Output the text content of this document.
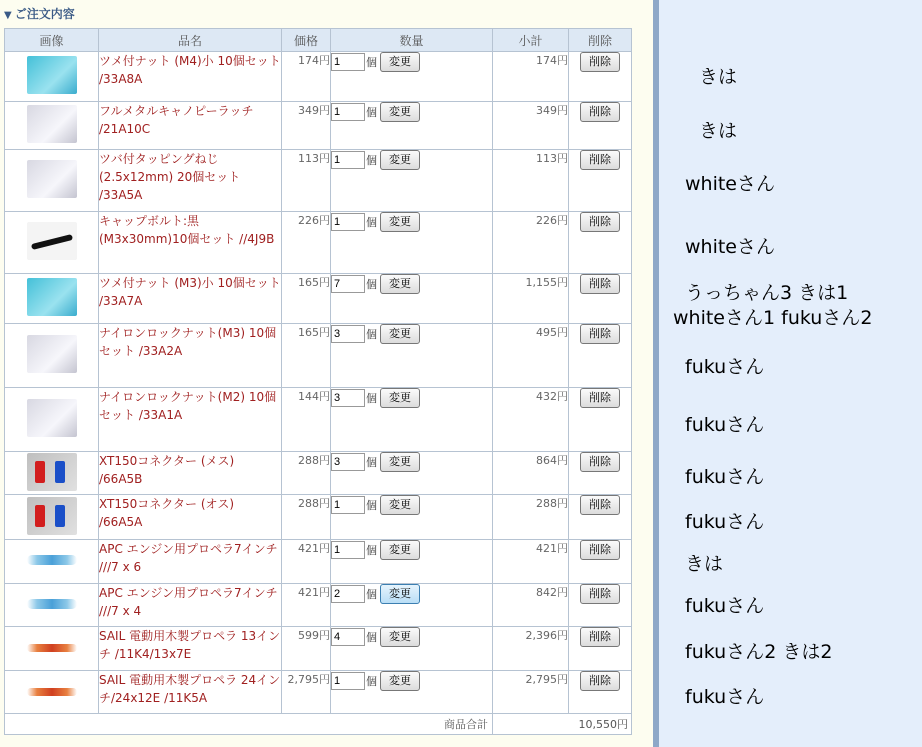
▼ ご注文内容
画像	品名	価格	数量	小計	削除
	ツメ付ナット (M4)小 10個セット /33A8A	174円	1個 変更	174円	削除
	フルメタルキャノピーラッチ /21A10C	349円	1個 変更	349円	削除
	ツバ付タッピングねじ (2.5x12mm) 20個セット /33A5A	113円	1個 変更	113円	削除
	キャップボルト:黒 (M3x30mm)10個セット //4J9B	226円	1個 変更	226円	削除
	ツメ付ナット (M3)小 10個セット /33A7A	165円	7個 変更	1,155円	削除
	ナイロンロックナット(M3) 10個セット /33A2A	165円	3個 変更	495円	削除
	ナイロンロックナット(M2) 10個セット /33A1A	144円	3個 変更	432円	削除
	XT150コネクター (メス) /66A5B	288円	3個 変更	864円	削除
	XT150コネクター (オス) /66A5A	288円	1個 変更	288円	削除
	APC エンジン用プロペラ7インチ ///7 x 6	421円	1個 変更	421円	削除
	APC エンジン用プロペラ7インチ ///7 x 4	421円	2個 変更	842円	削除
	SAIL 電動用木製プロペラ 13インチ /11K4/13x7E	599円	4個 変更	2,396円	削除
	SAIL 電動用木製プロペラ 24インチ/24x12E /11K5A	2,795円	1個 変更	2,795円	削除
商品合計				10,550円	
きは
きは
whiteさん
whiteさん
うっちゃん3 きは1
whiteさん1 fukuさん2
fukuさん
fukuさん
fukuさん
fukuさん
きは
fukuさん
fukuさん2 きは2
fukuさん
